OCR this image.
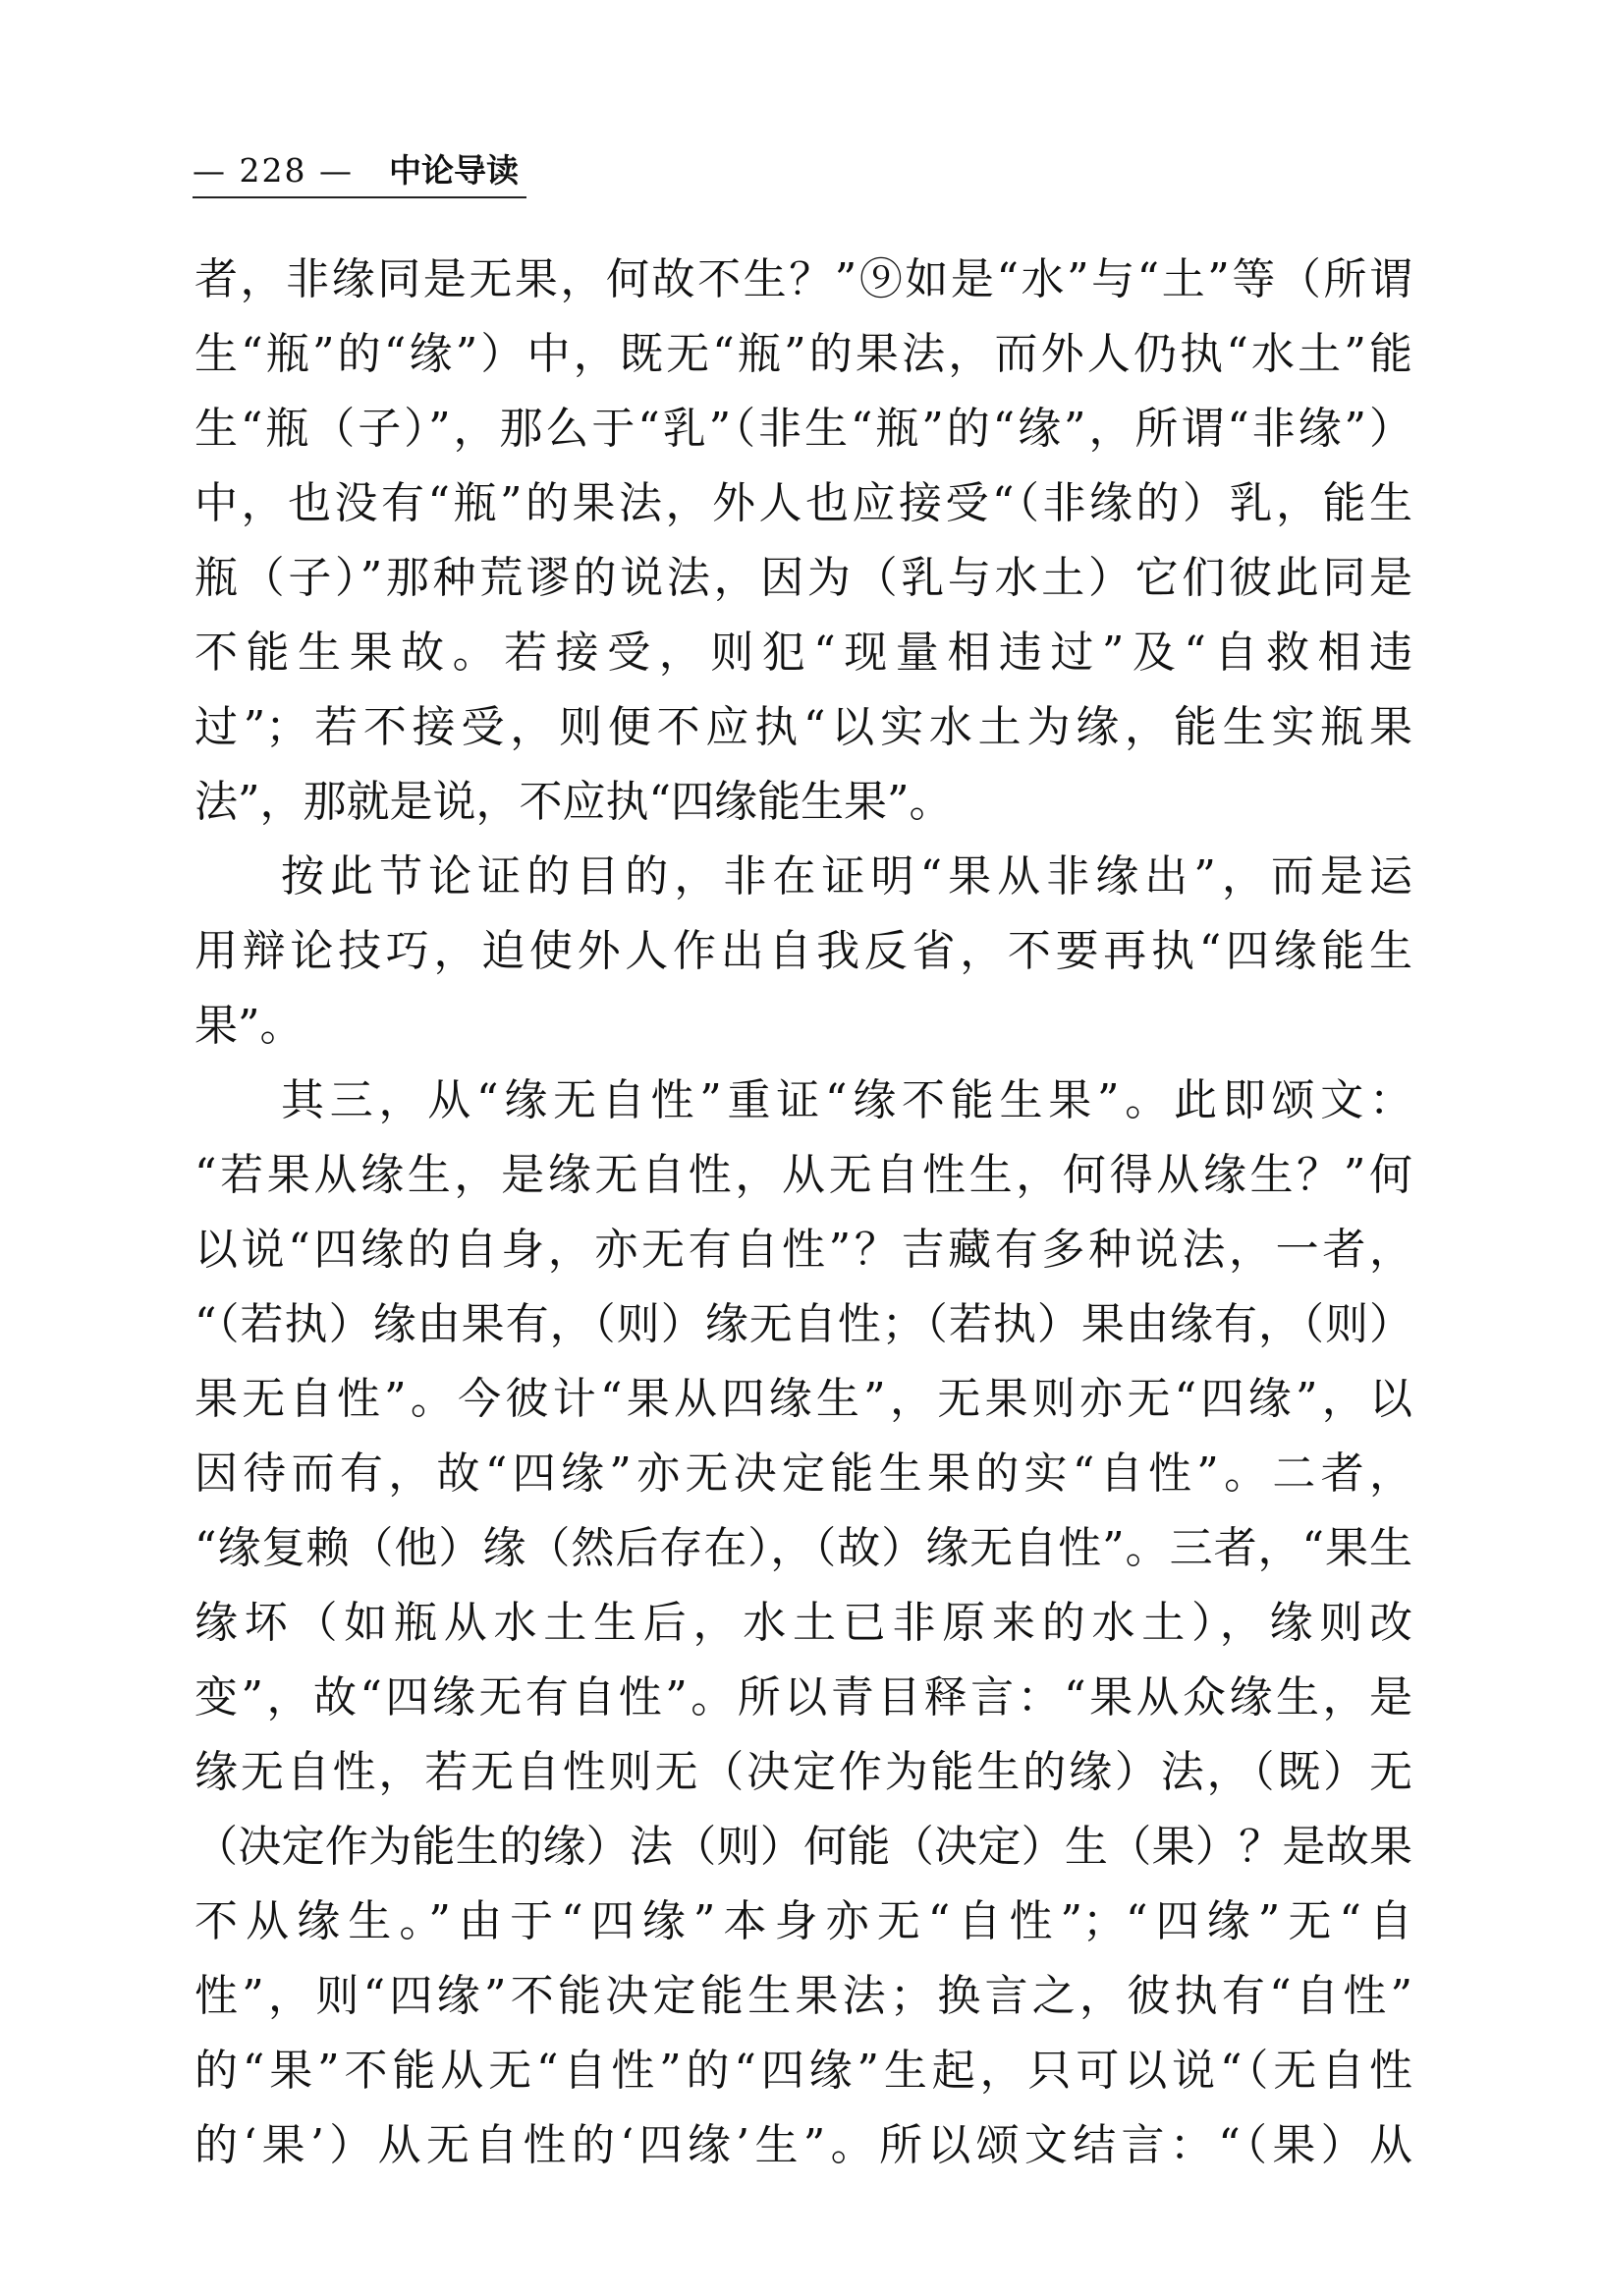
— 228 — 中论导读
者，非缘同是无果，何故不生？”⑨如是“水”与“土”等（所谓
生“瓶”的“缘”）中，既无“瓶”的果法，而外人仍执“水土”能
生“瓶（子）”，那么于“乳”（非生“瓶”的“缘”，所谓“非缘”）
中，也没有“瓶”的果法，外人也应接受“（非缘的）乳，能生
瓶（子）”那种荒谬的说法，因为（乳与水土）它们彼此同是
不能生果故。若接受，则犯“现量相违过”及“自救相违
过”；若不接受，则便不应执“以实水土为缘，能生实瓶果
法”，那就是说，不应执“四缘能生果”。
按此节论证的目的，非在证明“果从非缘出”，而是运
用辩论技巧，迫使外人作出自我反省，不要再执“四缘能生
果”。
其三，从“缘无自性”重证“缘不能生果”。此即颂文：
“若果从缘生，是缘无自性，从无自性生，何得从缘生？”何
以说“四缘的自身，亦无有自性”？吉藏有多种说法，一者，
“（若执）缘由果有，（则）缘无自性；（若执）果由缘有，（则）
果无自性”。今彼计“果从四缘生”，无果则亦无“四缘”，以
因待而有，故“四缘”亦无决定能生果的实“自性”。二者，
“缘复赖（他）缘（然后存在），（故）缘无自性”。三者，“果生
缘坏（如瓶从水土生后，水土已非原来的水土），缘则改
变”，故“四缘无有自性”。所以青目释言：“果从众缘生，是
缘无自性，若无自性则无（决定作为能生的缘）法，（既）无
（决定作为能生的缘）法（则）何能（决定）生（果）？是故果
不从缘生。”由于“四缘”本身亦无“自性”；“四缘”无“自
性”，则“四缘”不能决定能生果法；换言之，彼执有“自性”
的“果”不能从无“自性”的“四缘”生起，只可以说“（无自性
的‘果’）从无自性的‘四缘’生”。所以颂文结言：“（果）从
